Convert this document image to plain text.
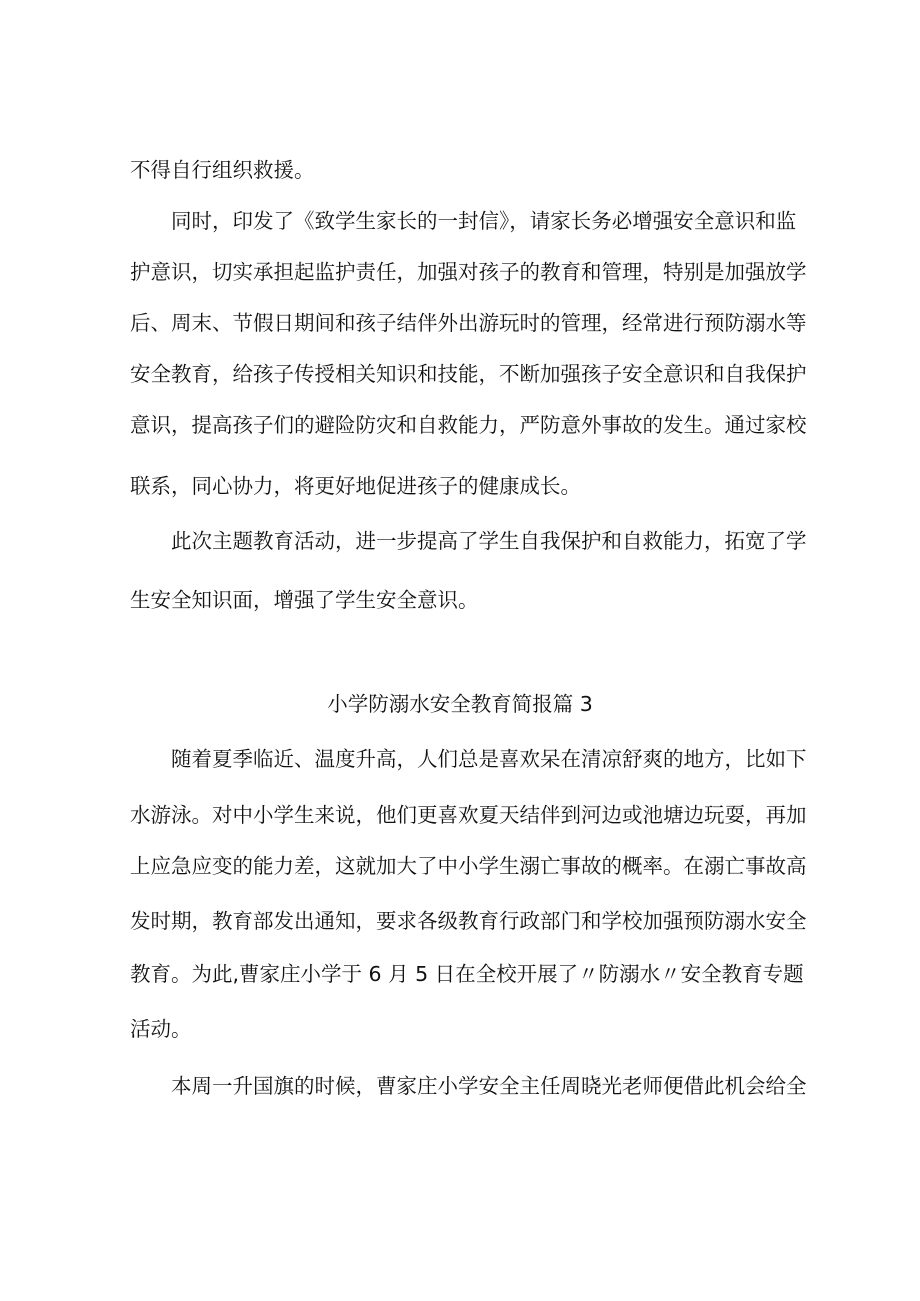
不得自行组织救援。
同时，印发了《致学生家长的一封信》，请家长务必增强安全意识和监
护意识，切实承担起监护责任，加强对孩子的教育和管理，特别是加强放学
后、周末、节假日期间和孩子结伴外出游玩时的管理，经常进行预防溺水等
安全教育，给孩子传授相关知识和技能，不断加强孩子安全意识和自我保护
意识，提高孩子们的避险防灾和自救能力，严防意外事故的发生。通过家校
联系，同心协力，将更好地促进孩子的健康成长。
此次主题教育活动，进一步提高了学生自我保护和自救能力，拓宽了学
生安全知识面，增强了学生安全意识。
小学防溺水安全教育简报篇 3
随着夏季临近、温度升高，人们总是喜欢呆在清凉舒爽的地方，比如下
水游泳。对中小学生来说，他们更喜欢夏天结伴到河边或池塘边玩耍，再加
上应急应变的能力差，这就加大了中小学生溺亡事故的概率。在溺亡事故高
发时期，教育部发出通知，要求各级教育行政部门和学校加强预防溺水安全
教育。为此,曹家庄小学于 6 月 5 日在全校开展了〃防溺水〃安全教育专题
活动。
本周一升国旗的时候，曹家庄小学安全主任周晓光老师便借此机会给全
